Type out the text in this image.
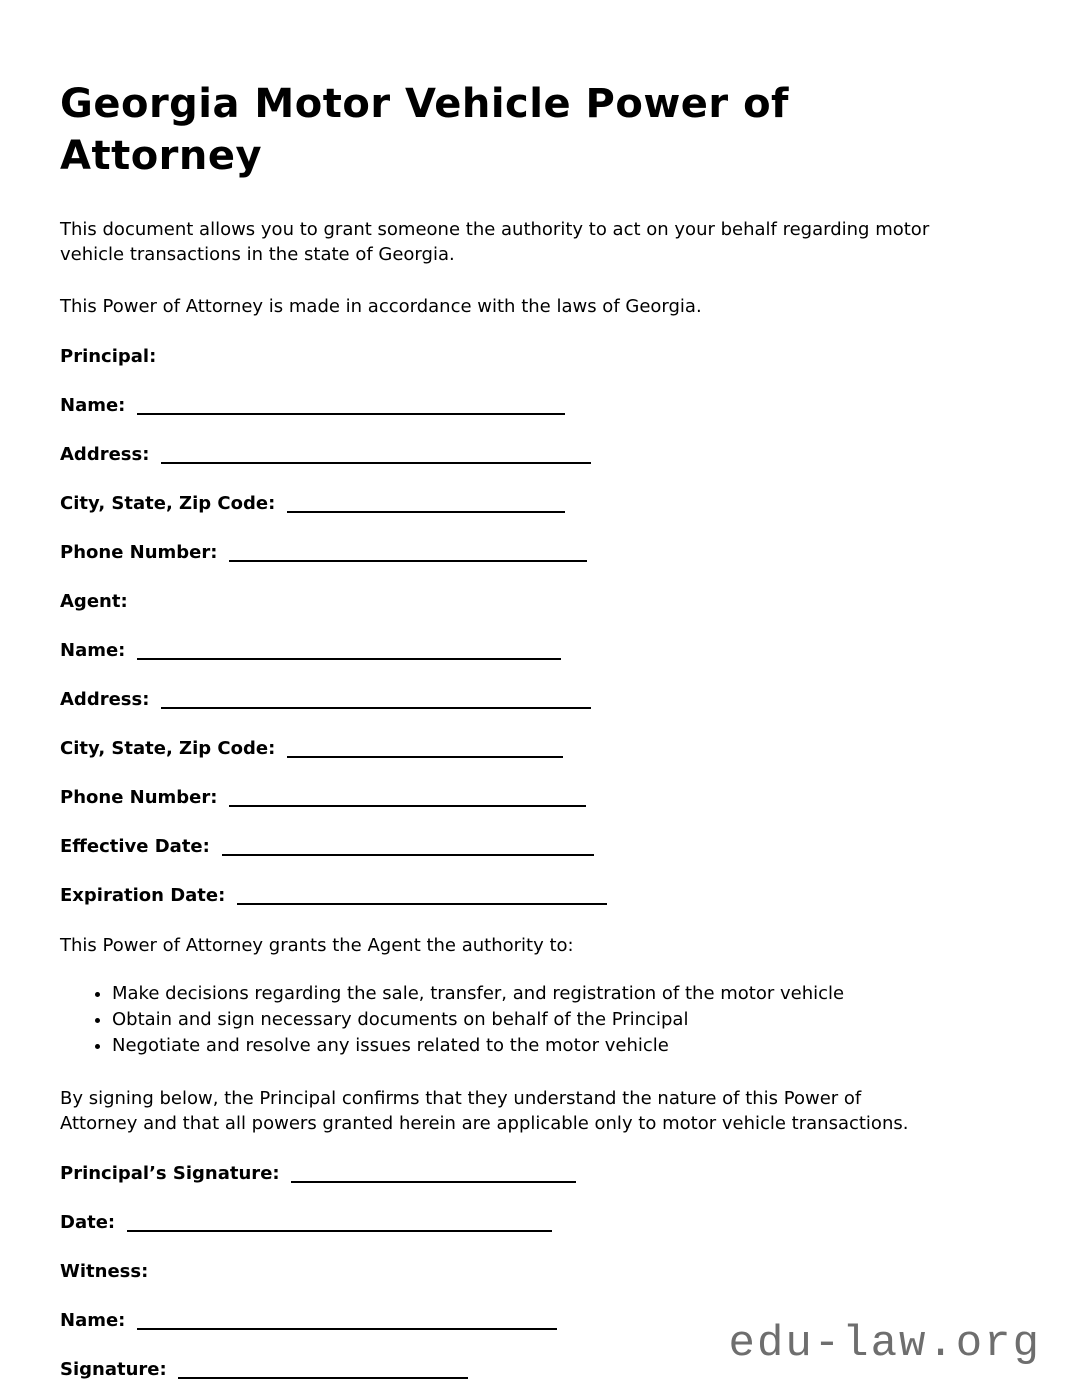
Georgia Motor Vehicle Power of Attorney

This document allows you to grant someone the authority to act on your behalf regarding motor vehicle transactions in the state of Georgia.

This Power of Attorney is made in accordance with the laws of Georgia.

Principal:
Name:
Address:
City, State, Zip Code:
Phone Number:
Agent:
Name:
Address:
City, State, Zip Code:
Phone Number:
Effective Date:
Expiration Date:

This Power of Attorney grants the Agent the authority to:

• Make decisions regarding the sale, transfer, and registration of the motor vehicle
• Obtain and sign necessary documents on behalf of the Principal
• Negotiate and resolve any issues related to the motor vehicle

By signing below, the Principal confirms that they understand the nature of this Power of Attorney and that all powers granted herein are applicable only to motor vehicle transactions.

Principal’s Signature:
Date:
Witness:
Name:
Signature:
edu-law.org
